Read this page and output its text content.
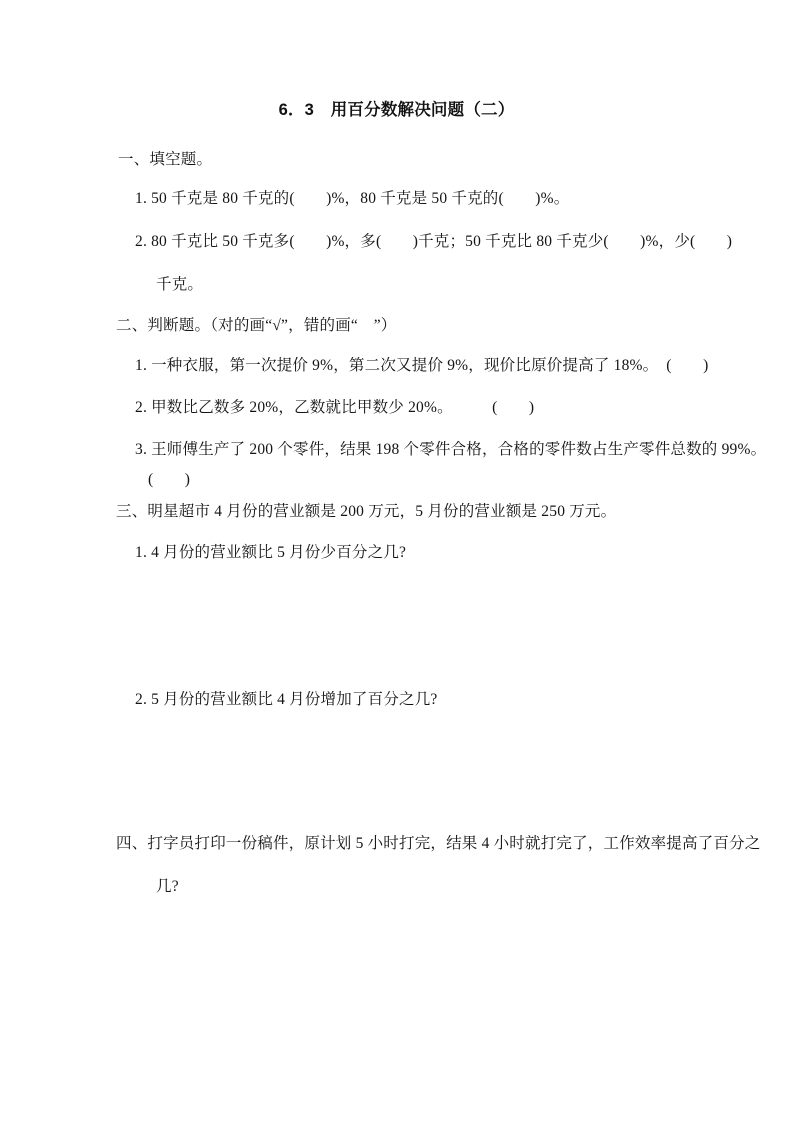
6．3　用百分数解决问题（二）
一、填空题。
1. 50 千克是 80 千克的(　　)%，80 千克是 50 千克的(　　)%。
2. 80 千克比 50 千克多(　　)%，多(　　)千克；50 千克比 80 千克少(　　)%，少(　　)
千克。
二、判断题。（对的画“√”，错的画“　”）
1. 一种衣服，第一次提价 9%，第二次又提价 9%，现价比原价提高了 18%。　(　　)
2. 甲数比乙数多 20%，乙数就比甲数少 20%。　　　(　　)
3. 王师傅生产了 200 个零件，结果 198 个零件合格，合格的零件数占生产零件总数的 99%。
(　　)
三、明星超市 4 月份的营业额是 200 万元，5 月份的营业额是 250 万元。
1. 4 月份的营业额比 5 月份少百分之几?
2. 5 月份的营业额比 4 月份增加了百分之几?
四、打字员打印一份稿件，原计划 5 小时打完，结果 4 小时就打完了，工作效率提高了百分之
几?
